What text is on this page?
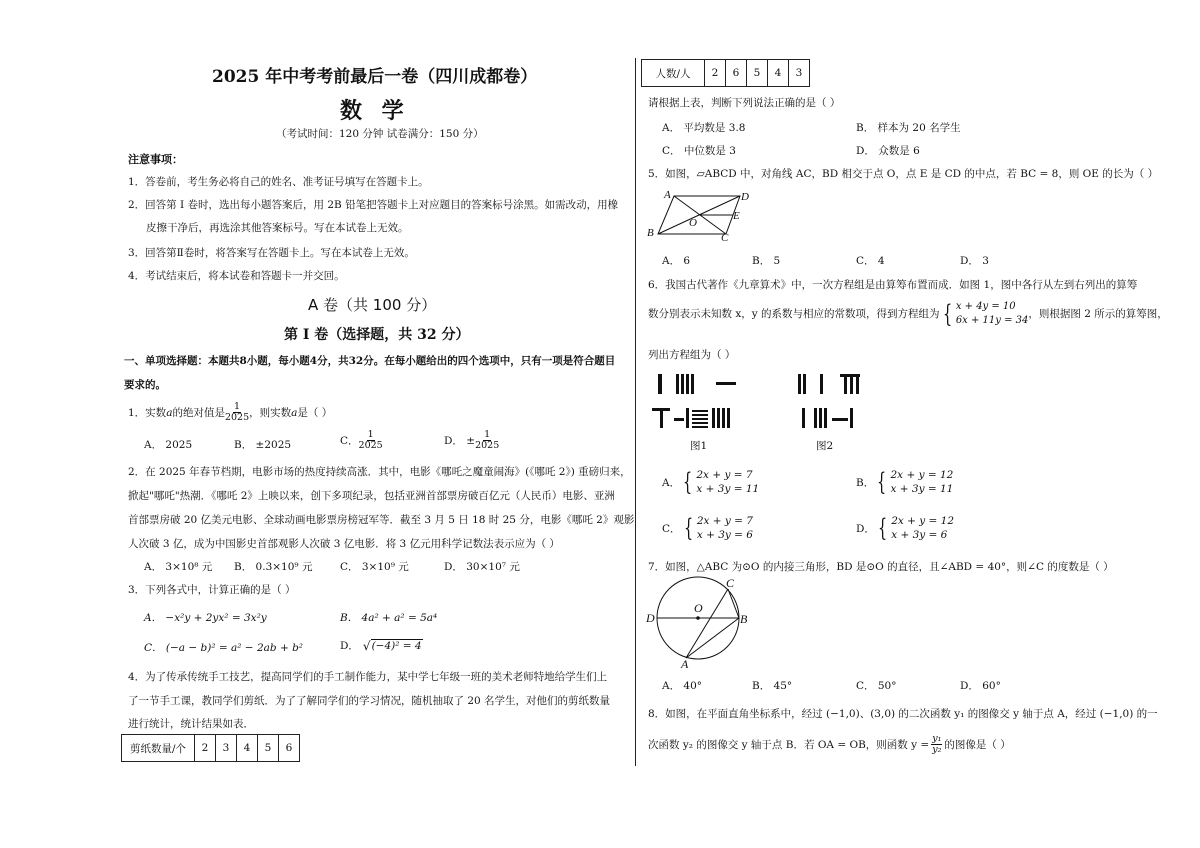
2025 年中考考前最后一卷（四川成都卷）
数 学
（考试时间：120 分钟 试卷满分：150 分）
注意事项：
1．答卷前，考生务必将自己的姓名、准考证号填写在答题卡上。
2．回答第 I 卷时，选出每小题答案后，用 2B 铅笔把答题卡上对应题目的答案标号涂黑。如需改动，用橡
皮擦干净后，再选涂其他答案标号。写在本试卷上无效。
3．回答第Ⅱ卷时，将答案写在答题卡上。写在本试卷上无效。
4．考试结束后，将本试卷和答题卡一并交回。
A 卷（共 100 分）
第 I 卷（选择题，共 32 分）
一、单项选择题：本题共8小题，每小题4分，共32分。在每小题给出的四个选项中，只有一项是符合题目
要求的。
1．实数 a 的绝对值是 $\frac{1}{2025}$ ，则实数 a 是（ ）
A． 2025	B． ±2025	C． $\frac{1}{2025}$	D． ± $\frac{1}{2025}$
2．在 2025 年春节档期，电影市场的热度持续高涨．其中，电影《哪吒之魔童闹海》(《哪吒 2》) 重磅归来，
掀起"哪吒"热潮．《哪吒 2》上映以来，创下多项纪录，包括亚洲首部票房破百亿元（人民币）电影、亚洲
首部票房破 20 亿美元电影、全球动画电影票房榜冠军等．截至 3 月 5 日 18 时 25 分，电影《哪吒 2》观影
人次破 3 亿，成为中国影史首部观影人次破 3 亿电影．将 3 亿元用科学记数法表示应为（ ）
A． 3×10⁸ 元 B． 0.3×10⁹ 元	C． 3×10⁹ 元	D． 30×10⁷ 元
3．下列各式中，计算正确的是（ ）
A． −x²y + 2yx² = 3x²y	B． 4a² + a² = 5a⁴
C． (−a − b)² = a² − 2ab + b²	D． √ (−4)² = 4
4．为了传承传统手工技艺，提高同学们的手工制作能力，某中学七年级一班的美术老师特地给学生们上
了一节手工课，教同学们剪纸．为了了解同学们的学习情况，随机抽取了 20 名学生，对他们的剪纸数量
进行统计，统计结果如表．
剪纸数量/个	2	3	4	5	6
人数/人	2	6	5	4	3
请根据上表，判断下列说法正确的是（ ）
A． 平均数是 3.8	B． 样本为 20 名学生
C． 中位数是 3	D． 众数是 6
5．如图，▱ABCD 中，对角线 AC，BD 相交于点 O，点 E 是 CD 的中点，若 BC = 8，则 OE 的长为（ ）
A	D
O
E
B	C
A． 6	B． 5	C． 4	D． 3
6．我国古代著作《九章算术》中，一次方程组是由算筹布置而成．如图 1，图中各行从左到右列出的算筹
数分别表示未知数 x，y 的系数与相应的常数项，得到方程组为 { x + 4y = 10
6x + 11y = 34 ，则根据图 2 所示的算筹图，
列出方程组为（ ）
图1	图2
A． { 2x + y = 7
x + 3y = 11
B． { 2x + y = 12
x + 3y = 11
C． { 2x + y = 7
x + 3y = 6
D． { 2x + y = 12
x + 3y = 6
7．如图，△ABC 为⊙O 的内接三角形，BD 是⊙O 的直径，且∠ABD = 40°，则∠C 的度数是（ ）
C
O
D	B
A
A． 40°	B． 45°	C． 50°	D． 60°
8．如图，在平面直角坐标系中，经过 (−1,0)、(3,0) 的二次函数 y₁ 的图像交 y 轴于点 A，经过 (−1,0) 的一
次函数 y₂ 的图像交 y 轴于点 B．若 OA = OB，则函数 $y = \frac{\text{y₁}}{\text{y₂}}$ 的图像是（ ）
